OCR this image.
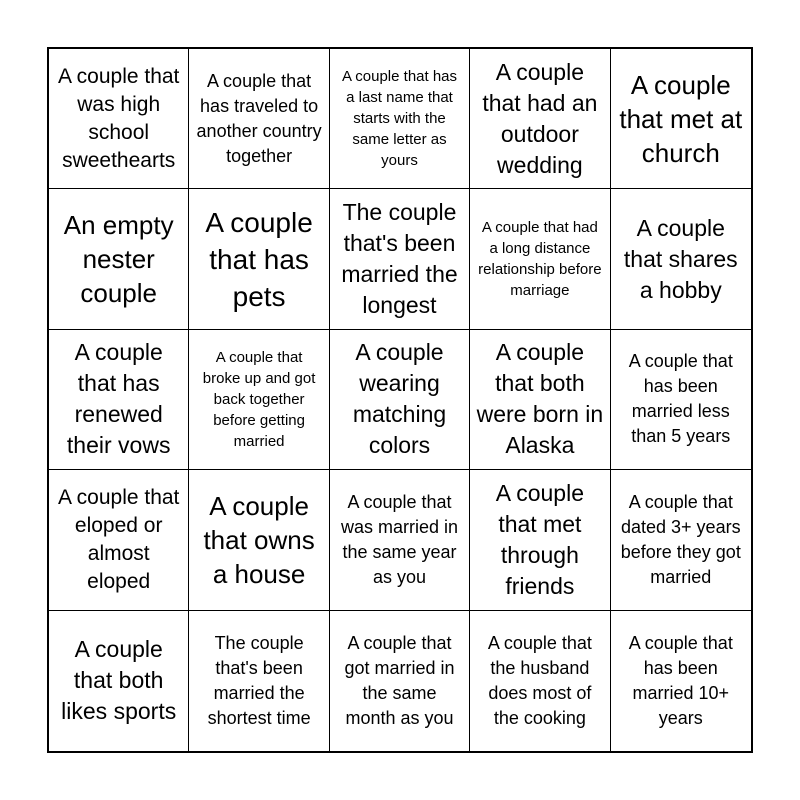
A couple that was high school sweethearts
A couple that has traveled to another country together
A couple that has a last name that starts with the same letter as yours
A couple that had an outdoor wedding
A couple that met at church
An empty nester couple
A couple that has pets
The couple that's been married the longest
A couple that had a long distance relationship before marriage
A couple that shares a hobby
A couple that has renewed their vows
A couple that broke up and got back together before getting married
A couple wearing matching colors
A couple that both were born in Alaska
A couple that has been married less than 5 years
A couple that eloped or almost eloped
A couple that owns a house
A couple that was married in the same year as you
A couple that met through friends
A couple that dated 3+ years before they got married
A couple that both likes sports
The couple that's been married the shortest time
A couple that got married in the same month as you
A couple that the husband does most of the cooking
A couple that has been married 10+ years
